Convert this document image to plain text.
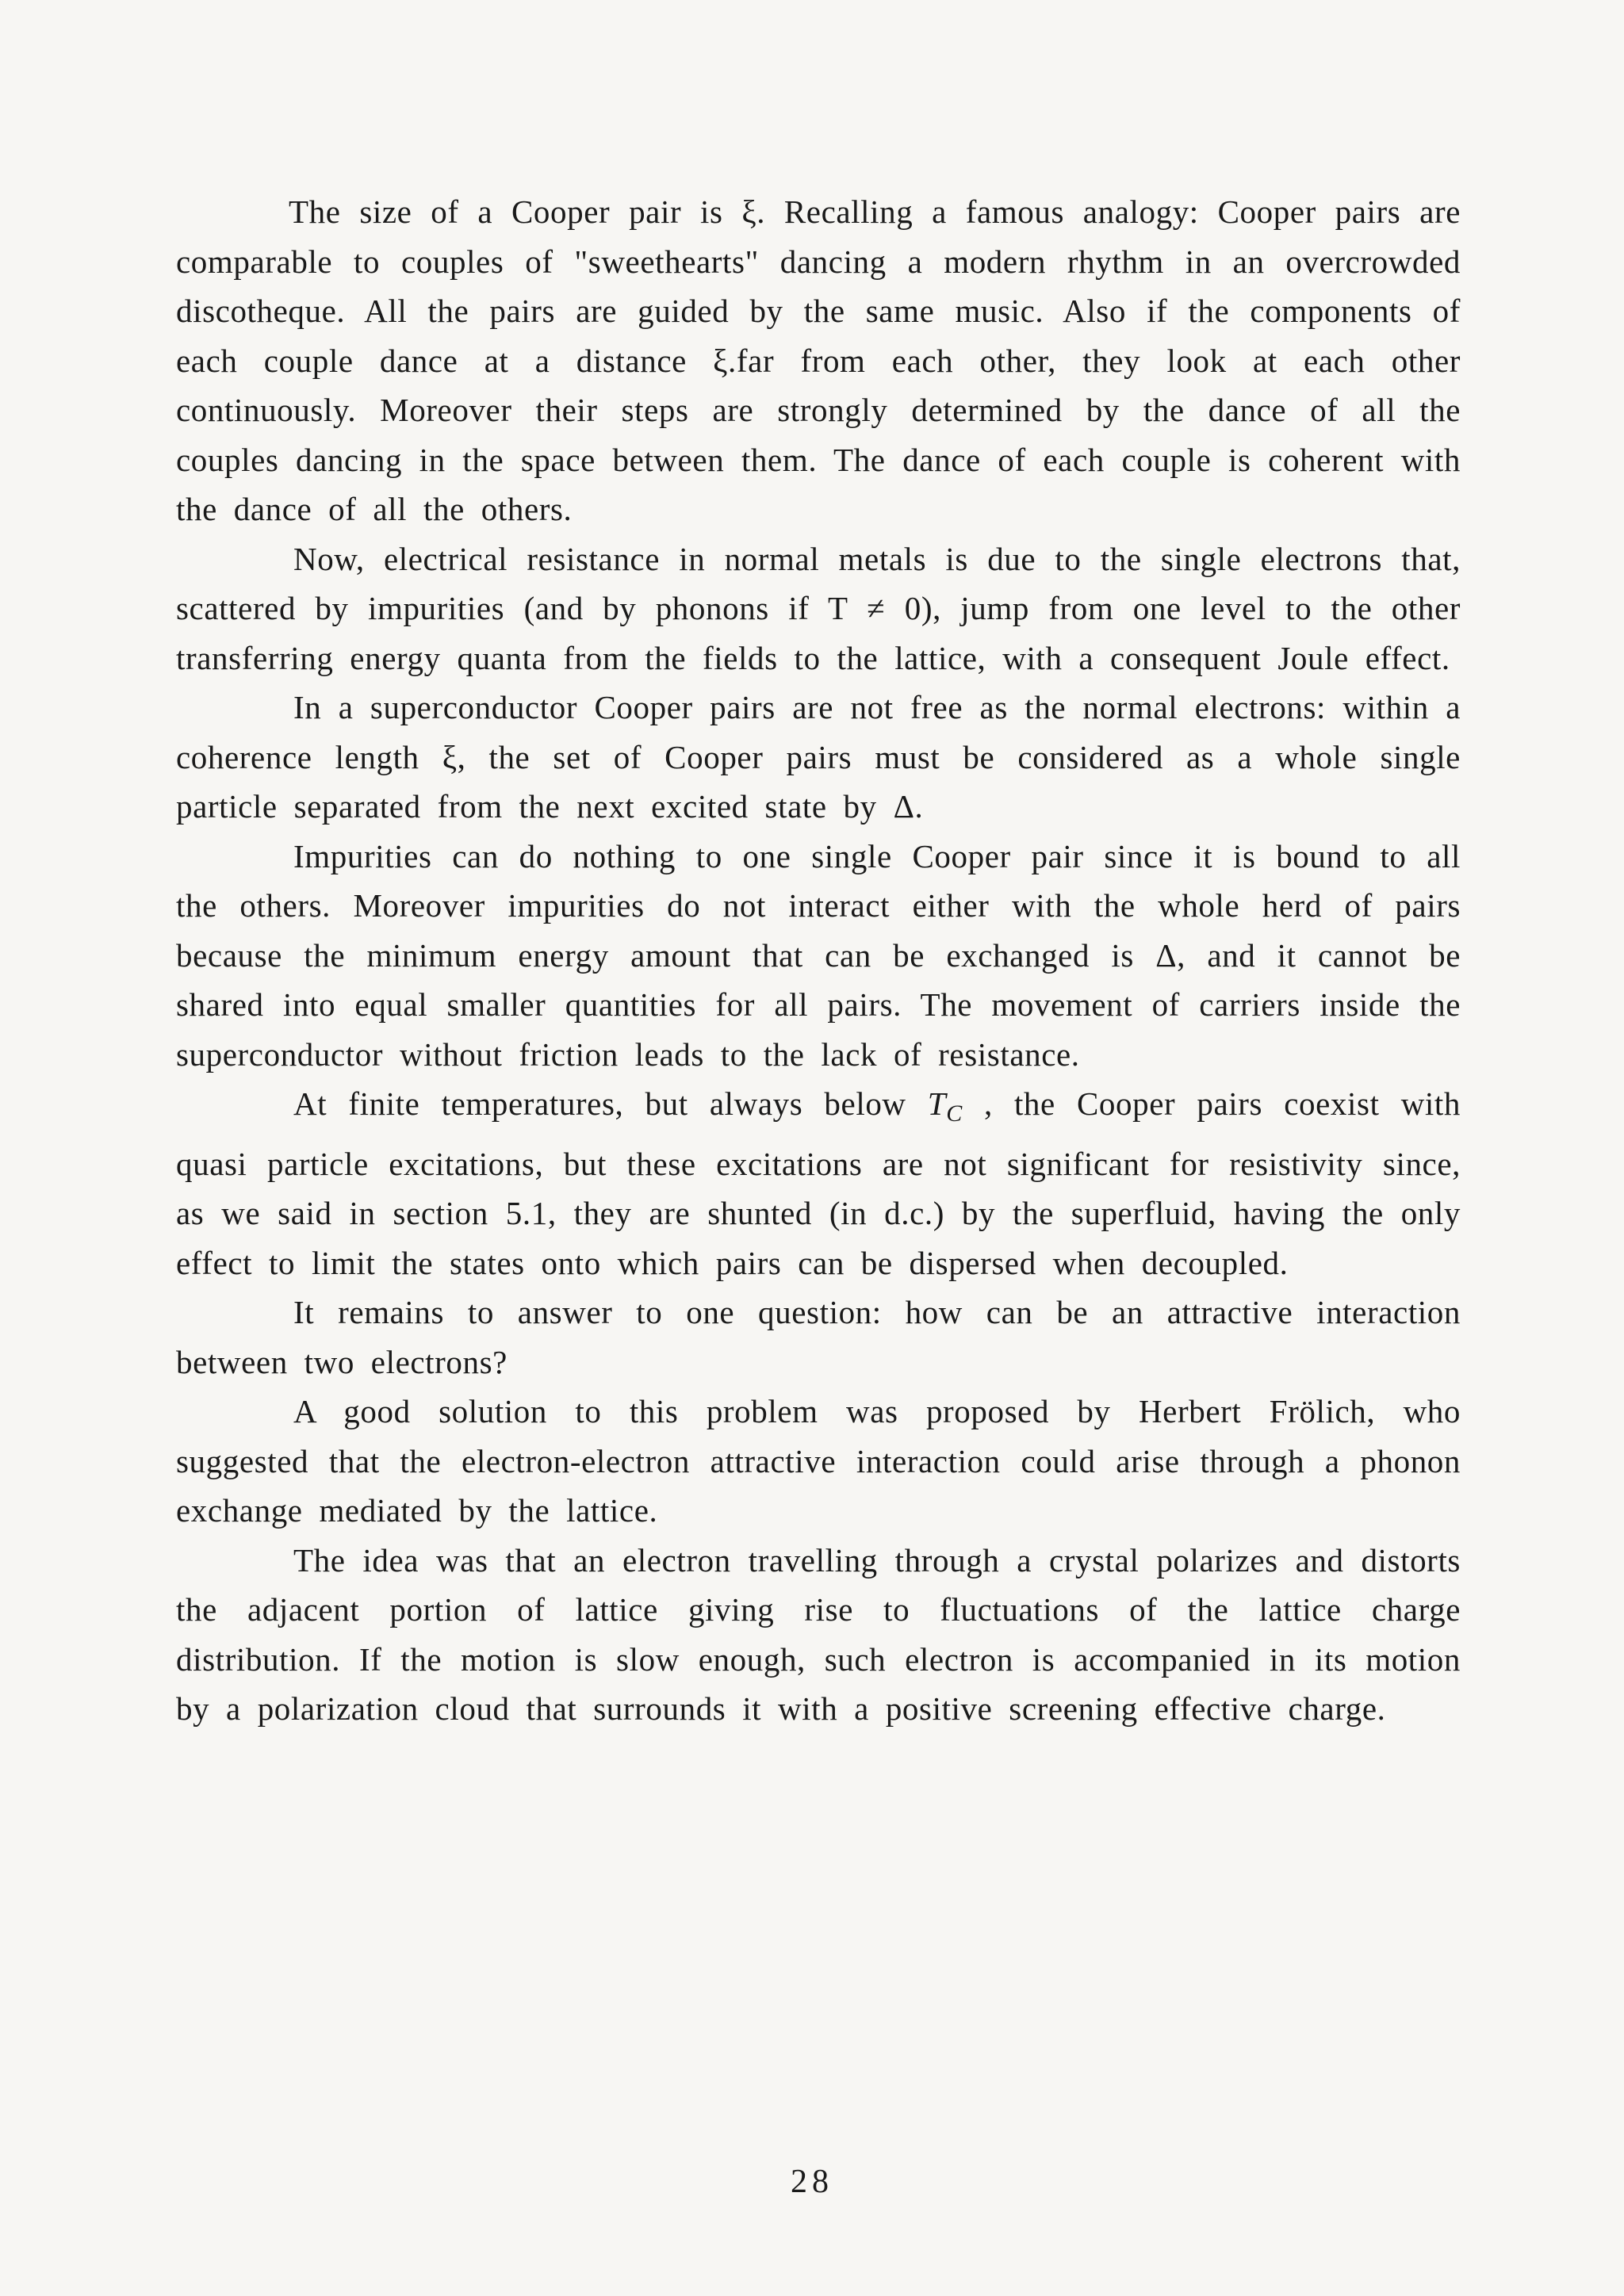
The size of a Cooper pair is ξ. Recalling a famous analogy: Cooper pairs are comparable to couples of "sweethearts" dancing a modern rhythm in an overcrowded discotheque. All the pairs are guided by the same music. Also if the components of each couple dance at a distance ξ.far from each other, they look at each other continuously. Moreover their steps are strongly determined by the dance of all the couples dancing in the space between them. The dance of each couple is coherent with the dance of all the others.

Now, electrical resistance in normal metals is due to the single electrons that, scattered by impurities (and by phonons if T ≠ 0), jump from one level to the other transferring energy quanta from the fields to the lattice, with a consequent Joule effect.

In a superconductor Cooper pairs are not free as the normal electrons: within a coherence length ξ, the set of Cooper pairs must be considered as a whole single particle separated from the next excited state by Δ.

Impurities can do nothing to one single Cooper pair since it is bound to all the others. Moreover impurities do not interact either with the whole herd of pairs because the minimum energy amount that can be exchanged is Δ, and it cannot be shared into equal smaller quantities for all pairs. The movement of carriers inside the superconductor without friction leads to the lack of resistance.

At finite temperatures, but always below $T_C$ , the Cooper pairs coexist with quasi particle excitations, but these excitations are not significant for resistivity since, as we said in section 5.1, they are shunted (in d.c.) by the superfluid, having the only effect to limit the states onto which pairs can be dispersed when decoupled.

It remains to answer to one question: how can be an attractive interaction between two electrons?

A good solution to this problem was proposed by Herbert Frölich, who suggested that the electron-electron attractive interaction could arise through a phonon exchange mediated by the lattice.

The idea was that an electron travelling through a crystal polarizes and distorts the adjacent portion of lattice giving rise to fluctuations of the lattice charge distribution. If the motion is slow enough, such electron is accompanied in its motion by a polarization cloud that surrounds it with a positive screening effective charge.

28
